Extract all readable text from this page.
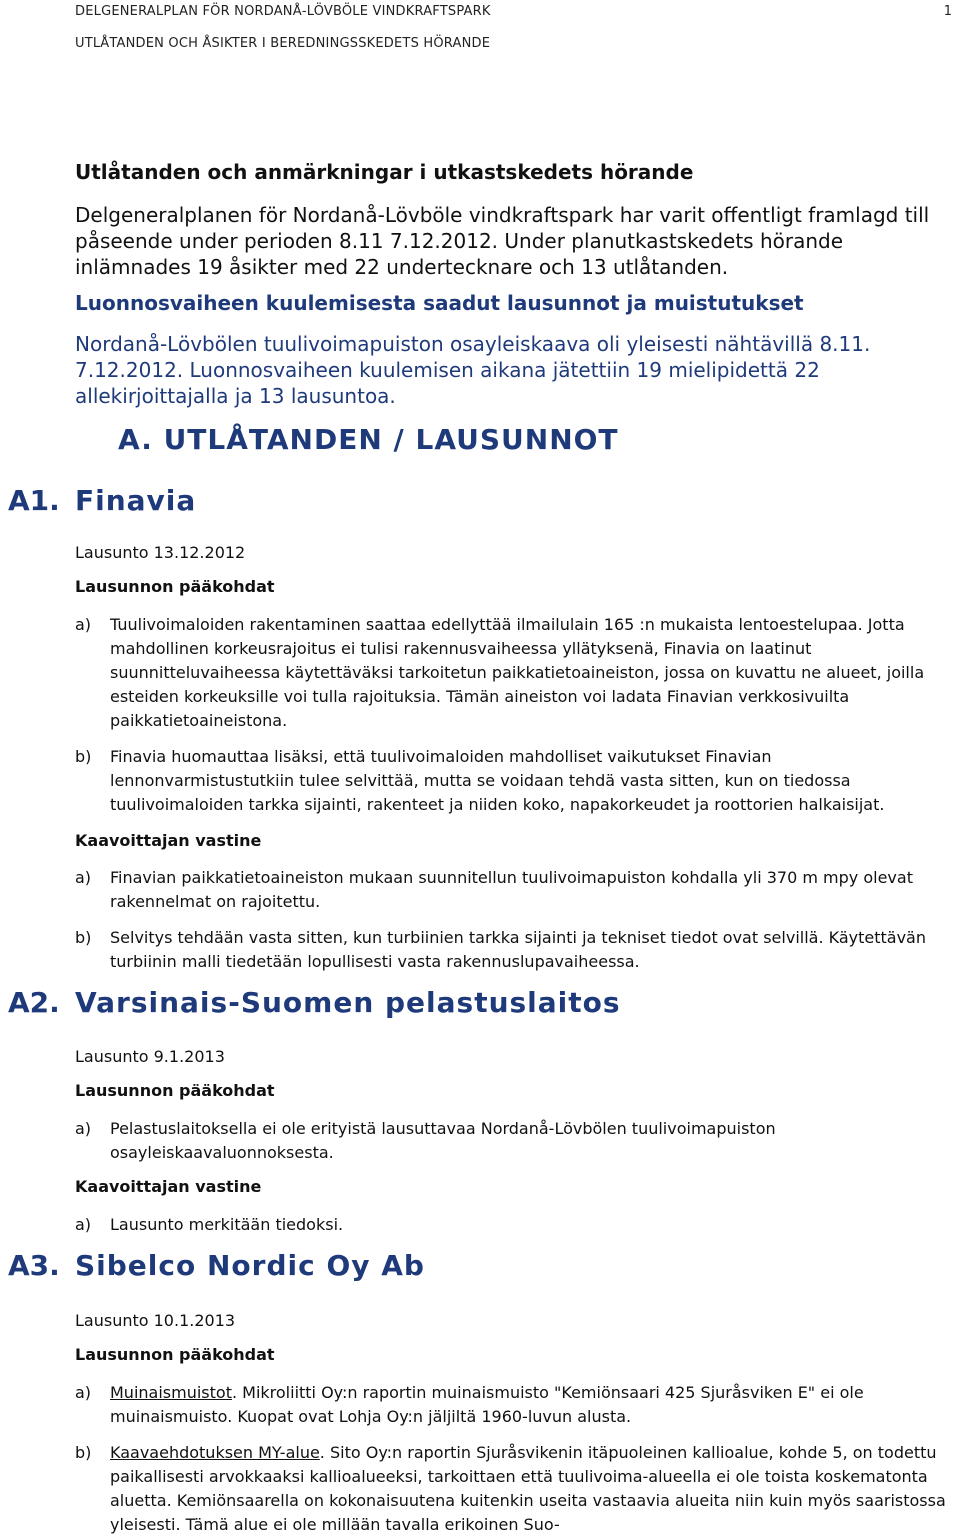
DELGENERALPLAN FÖR NORDANÅ-LÖVBÖLE VINDKRAFTSPARK
UTLÅTANDEN OCH ÅSIKTER I BEREDNINGSSKEDETS HÖRANDE
1
Utlåtanden och anmärkningar i utkastskedets hörande
Delgeneralplanen för Nordanå-Lövböle vindkraftspark har varit offentligt framlagd till påseende under perioden 8.11 7.12.2012. Under planutkastskedets hörande inlämnades 19 åsikter med 22 undertecknare och 13 utlåtanden.
Luonnosvaiheen kuulemisesta saadut lausunnot ja muistutukset
Nordanå-Lövbölen tuulivoimapuiston osayleiskaava oli yleisesti nähtävillä 8.11. 7.12.2012. Luonnosvaiheen kuulemisen aikana jätettiin 19 mielipidettä 22 allekirjoittajalla ja 13 lausuntoa.
A. UTLÅTANDEN / LAUSUNNOT
A1. Finavia
Lausunto 13.12.2012
Lausunnon pääkohdat
a) Tuulivoimaloiden rakentaminen saattaa edellyttää ilmailulain 165 :n mukaista lentoestelupaa. Jotta mahdollinen korkeusrajoitus ei tulisi rakennusvaiheessa yllätyksenä, Finavia on laatinut suunnitteluvaiheessa käytettäväksi tarkoitetun paikkatietoaineiston, jossa on kuvattu ne alueet, joilla esteiden korkeuksille voi tulla rajoituksia. Tämän aineiston voi ladata Finavian verkkosivuilta paikkatietoaineistona.
b) Finavia huomauttaa lisäksi, että tuulivoimaloiden mahdolliset vaikutukset Finavian lennonvarmistustutkiin tulee selvittää, mutta se voidaan tehdä vasta sitten, kun on tiedossa tuulivoimaloiden tarkka sijainti, rakenteet ja niiden koko, napakorkeudet ja roottorien halkaisijat.
Kaavoittajan vastine
a) Finavian paikkatietoaineiston mukaan suunnitellun tuulivoimapuiston kohdalla yli 370 m mpy olevat rakennelmat on rajoitettu.
b) Selvitys tehdään vasta sitten, kun turbiinien tarkka sijainti ja tekniset tiedot ovat selvillä. Käytettävän turbiinin malli tiedetään lopullisesti vasta rakennuslupavaiheessa.
A2. Varsinais-Suomen pelastuslaitos
Lausunto 9.1.2013
Lausunnon pääkohdat
a) Pelastuslaitoksella ei ole erityistä lausuttavaa Nordanå-Lövbölen tuulivoimapuiston osayleiskaavaluonnoksesta.
Kaavoittajan vastine
a) Lausunto merkitään tiedoksi.
A3. Sibelco Nordic Oy Ab
Lausunto 10.1.2013
Lausunnon pääkohdat
a) Muinaismuistot. Mikroliitti Oy:n raportin muinaismuisto "Kemiönsaari 425 Sjuråsviken E" ei ole muinaismuisto. Kuopat ovat Lohja Oy:n jäljiltä 1960-luvun alusta.
b) Kaavaehdotuksen MY-alue. Sito Oy:n raportin Sjuråsvikenin itäpuoleinen kallioalue, kohde 5, on todettu paikallisesti arvokkaaksi kallioalueeksi, tarkoittaen että tuulivoima-alueella ei ole toista koskematonta aluetta. Kemiönsaarella on kokonaisuutena kuitenkin useita vastaavia alueita niin kuin myös saaristossa yleisesti. Tämä alue ei ole millään tavalla erikoinen Suo-
